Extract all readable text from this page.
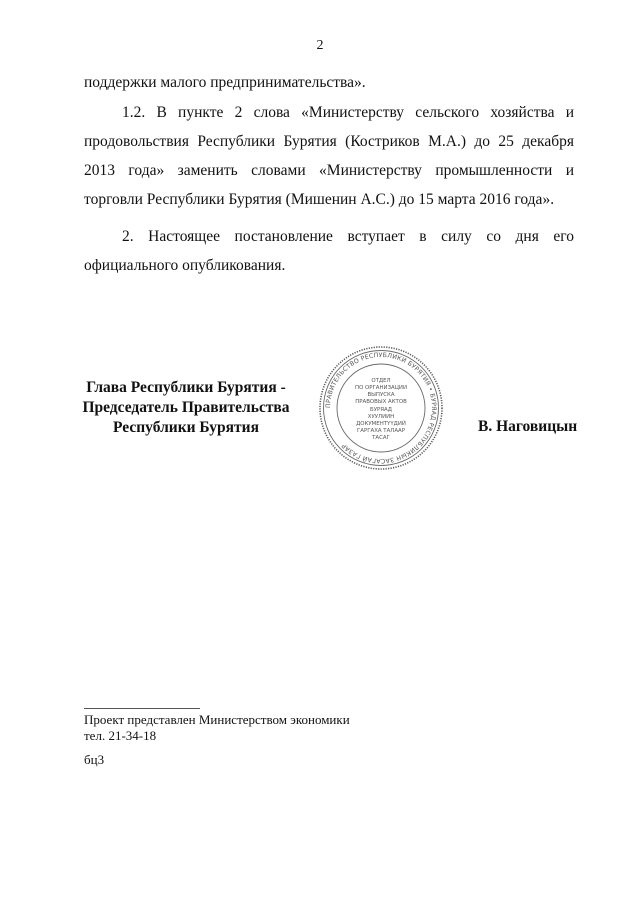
2
поддержки малого предпринимательства».
1.2. В пункте 2 слова «Министерству сельского хозяйства и продовольствия Республики Бурятия (Костриков М.А.) до 25 декабря 2013 года» заменить словами «Министерству промышленности и торговли Республики Бурятия (Мишенин А.С.) до 15 марта 2016 года».
2. Настоящее постановление вступает в силу со дня его официального опубликования.
Глава Республики Бурятия -
Председатель Правительства
Республики Бурятия
ПРАВИТЕЛЬСТВО РЕСПУБЛИКИ БУРЯТИЯ • БУРЯАД РЕСПУБЛИКЫН ЗАСАГАЙ ГАЗАР
ОТДЕЛ
ПО ОРГАНИЗАЦИИ
ВЫПУСКА
ПРАВОВЫХ АКТОВ
БУРЯАД
ХУУЛИИН
ДОКУМЕНТҮҮДИЙ
ГАРГАХА ТАЛААР
ТАСАГ
В. Наговицын
Проект представлен Министерством экономики
тел. 21-34-18
бц3
